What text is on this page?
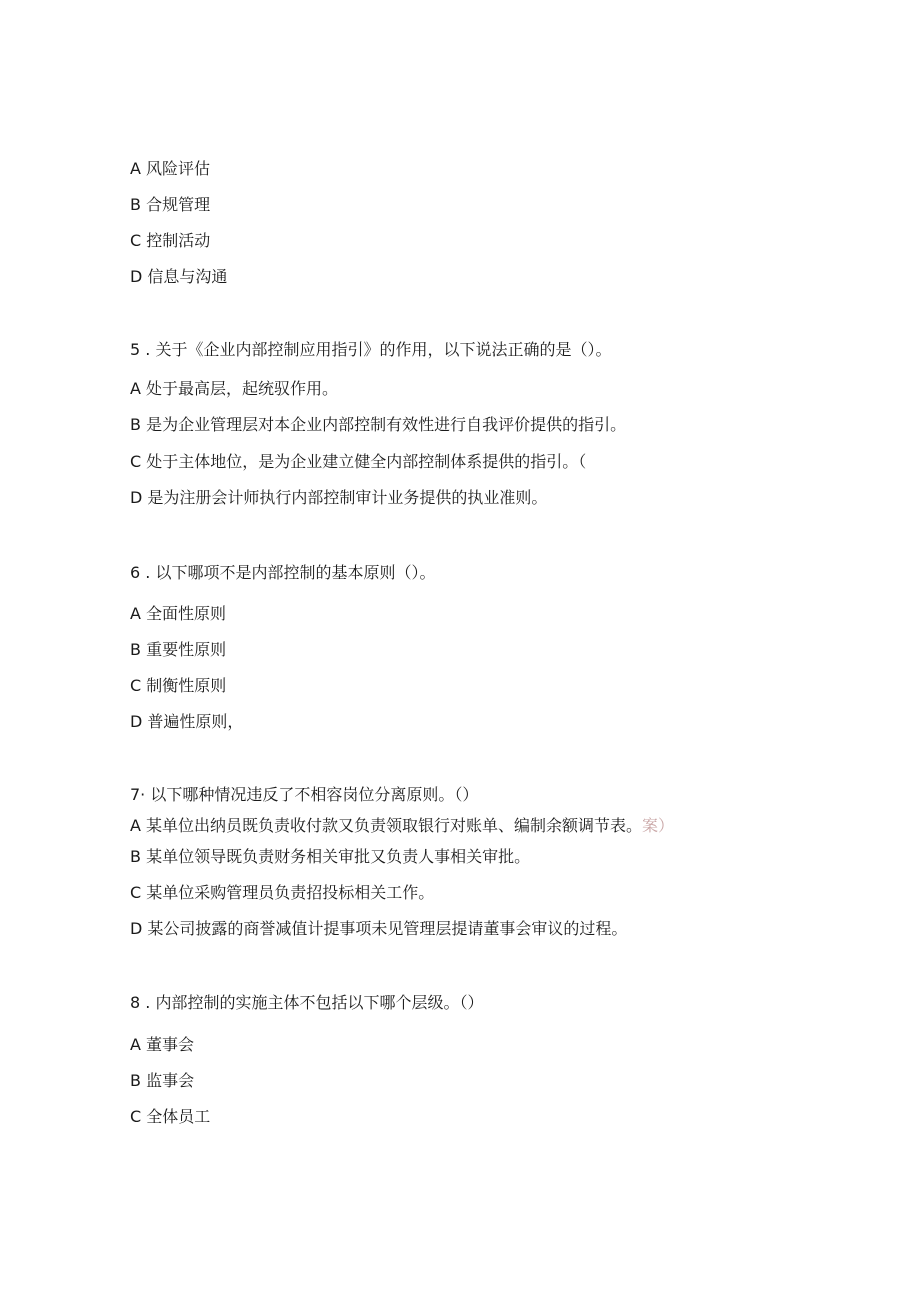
A 风险评估

B 合规管理

C 控制活动

D 信息与沟通

5 . 关于《企业内部控制应用指引》的作用，以下说法正确的是（）。

A 处于最高层，起统驭作用。

B 是为企业管理层对本企业内部控制有效性进行自我评价提供的指引。

C 处于主体地位，是为企业建立健全内部控制体系提供的指引。（

D 是为注册会计师执行内部控制审计业务提供的执业准则。

6 . 以下哪项不是内部控制的基本原则（）。

A 全面性原则

B 重要性原则

C 制衡性原则

D 普遍性原则，

7· 以下哪种情况违反了不相容岗位分离原则。（）

A 某单位出纳员既负责收付款又负责领取银行对账单、编制余额调节表。案）

B 某单位领导既负责财务相关审批又负责人事相关审批。

C 某单位采购管理员负责招投标相关工作。

D 某公司披露的商誉减值计提事项未见管理层提请董事会审议的过程。

8 . 内部控制的实施主体不包括以下哪个层级。（）

A 董事会

B 监事会

C 全体员工
